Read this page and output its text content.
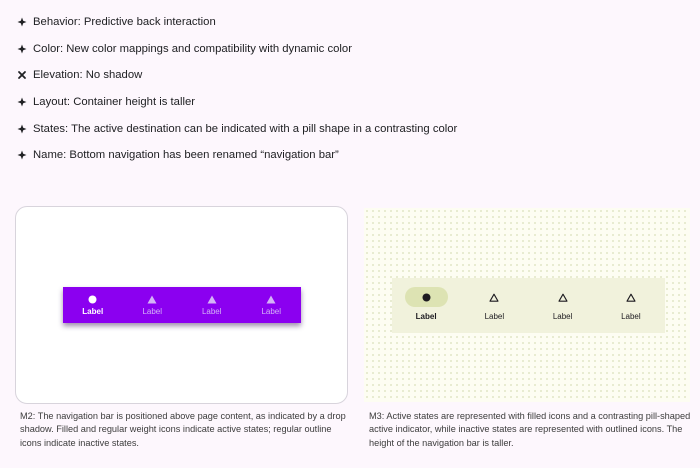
Behavior: Predictive back interaction
Color: New color mappings and compatibility with dynamic color
Elevation: No shadow
Layout: Container height is taller
States: The active destination can be indicated with a pill shape in a contrasting color
Name: Bottom navigation has been renamed “navigation bar”
Label	Label	Label	Label
Label	Label	Label	Label

M2: The navigation bar is positioned above page content, as indicated by a drop shadow. Filled and regular weight icons indicate active states; regular outline icons indicate inactive states.

M3: Active states are represented with filled icons and a contrasting pill-shaped active indicator, while inactive states are represented with outlined icons. The height of the navigation bar is taller.
